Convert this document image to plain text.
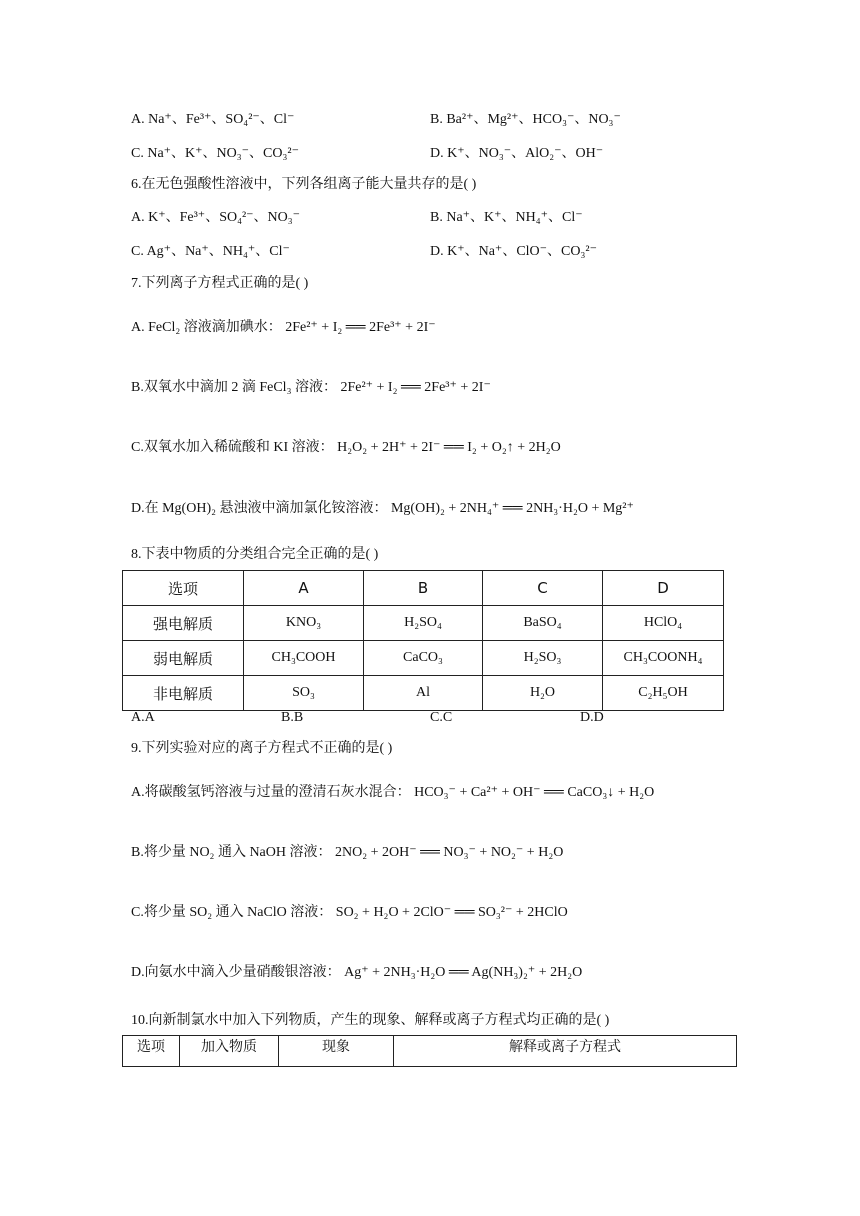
A. Na⁺、Fe³⁺、SO₄²⁻、Cl⁻	B. Ba²⁺、Mg²⁺、HCO₃⁻、NO₃⁻
C. Na⁺、K⁺、NO₃⁻、CO₃²⁻	D. K⁺、NO₃⁻、AlO₂⁻、OH⁻
6.在无色强酸性溶液中，下列各组离子能大量共存的是( )
A. K⁺、Fe³⁺、SO₄²⁻、NO₃⁻	B. Na⁺、K⁺、NH₄⁺、Cl⁻
C. Ag⁺、Na⁺、NH₄⁺、Cl⁻	D. K⁺、Na⁺、ClO⁻、CO₃²⁻
7.下列离子方程式正确的是( )
A. FeCl₂ 溶液滴加碘水： 2Fe²⁺ + I₂ ══ 2Fe³⁺ + 2I⁻
B.双氧水中滴加 2 滴 FeCl₃ 溶液： 2Fe²⁺ + I₂ ══ 2Fe³⁺ + 2I⁻
C.双氧水加入稀硫酸和 KI 溶液： H₂O₂ + 2H⁺ + 2I⁻ ══ I₂ + O₂↑ + 2H₂O
D.在 Mg(OH)₂ 悬浊液中滴加氯化铵溶液： Mg(OH)₂ + 2NH₄⁺ ══ 2NH₃·H₂O + Mg²⁺
8.下表中物质的分类组合完全正确的是( )
选项	A	B	C	D
强电解质	KNO₃	H₂SO₄	BaSO₄	HClO₄
弱电解质	CH₃COOH	CaCO₃	H₂SO₃	CH₃COONH₄
非电解质	SO₃	Al	H₂O	C₂H₅OH
A.A	B.B	C.C	D.D
9.下列实验对应的离子方程式不正确的是( )
A.将碳酸氢钙溶液与过量的澄清石灰水混合： HCO₃⁻ + Ca²⁺ + OH⁻ ══ CaCO₃↓ + H₂O
B.将少量 NO₂ 通入 NaOH 溶液： 2NO₂ + 2OH⁻ ══ NO₃⁻ + NO₂⁻ + H₂O
C.将少量 SO₂ 通入 NaClO 溶液： SO₂ + H₂O + 2ClO⁻ ══ SO₃²⁻ + 2HClO
D.向氨水中滴入少量硝酸银溶液： Ag⁺ + 2NH₃·H₂O ══ Ag(NH₃)₂⁺ + 2H₂O
10.向新制氯水中加入下列物质，产生的现象、解释或离子方程式均正确的是( )
选项	加入物质	现象	解释或离子方程式
